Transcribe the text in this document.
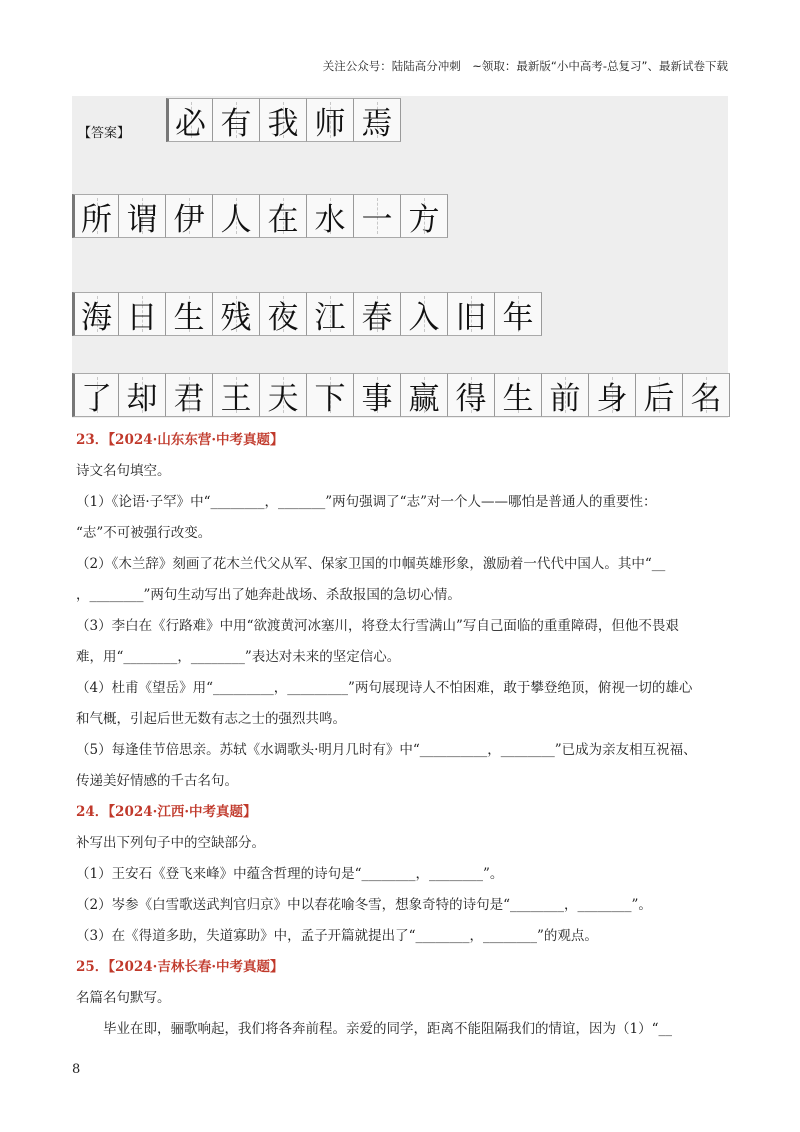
关注公众号：陆陆高分冲刺　~领取：最新版“小中高考-总复习”、最新试卷下载
【答案】 必 有 我 师 焉
所 谓 伊 人 在 水 一 方
海 日 生 残 夜 江 春 入 旧 年
了 却 君 王 天 下 事 赢 得 生 前 身 后 名

23．【2024·山东东营·中考真题】

诗文名句填空。

（1）《论语·子罕》中“________，_______”两句强调了“志”对一个人——哪怕是普通人的重要性：

“志”不可被强行改变。

（2）《木兰辞》刻画了花木兰代父从军、保家卫国的巾帼英雄形象，激励着一代代中国人。其中“__

，________”两句生动写出了她奔赴战场、杀敌报国的急切心情。

（3）李白在《行路难》中用“欲渡黄河冰塞川，将登太行雪满山”写自己面临的重重障碍，但他不畏艰

难，用“________，________”表达对未来的坚定信心。

（4）杜甫《望岳》用“_________，_________”两句展现诗人不怕困难，敢于攀登绝顶，俯视一切的雄心

和气概，引起后世无数有志之士的强烈共鸣。

（5）每逢佳节倍思亲。苏轼《水调歌头·明月几时有》中“__________，________”已成为亲友相互祝福、

传递美好情感的千古名句。

24．【2024·江西·中考真题】

补写出下列句子中的空缺部分。

（1）王安石《登飞来峰》中蕴含哲理的诗句是“________，________”。

（2）岑参《白雪歌送武判官归京》中以春花喻冬雪，想象奇特的诗句是“________，________”。

（3）在《得道多助，失道寡助》中，孟子开篇就提出了“________，________”的观点。

25．【2024·吉林长春·中考真题】

名篇名句默写。

毕业在即，骊歌响起，我们将各奔前程。亲爱的同学，距离不能阻隔我们的情谊，因为（1）“__

8
